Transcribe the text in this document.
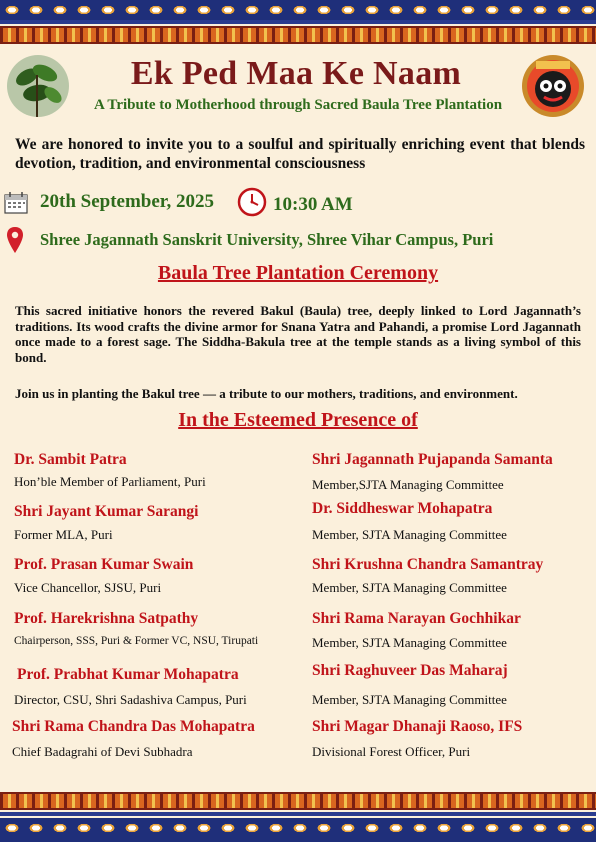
Ek Ped Maa Ke Naam
A Tribute to Motherhood through Sacred Baula Tree Plantation
We are honored to invite you to a soulful and spiritually enriching event that blends devotion, tradition, and environmental consciousness
20th September, 2025	10:30 AM
Shree Jagannath Sanskrit University, Shree Vihar Campus, Puri
Baula Tree Plantation Ceremony
This sacred initiative honors the revered Bakul (Baula) tree, deeply linked to Lord Jagannath’s traditions. Its wood crafts the divine armor for Snana Yatra and Pahandi, a promise Lord Jagannath once made to a forest sage. The Siddha-Bakula tree at the temple stands as a living symbol of this bond.
Join us in planting the Bakul tree — a tribute to our mothers, traditions, and environment.
In the Esteemed Presence of
Dr. Sambit Patra
Hon’ble Member of Parliament, Puri
Shri Jayant Kumar Sarangi
Former MLA, Puri
Prof. Prasan Kumar Swain
Vice Chancellor, SJSU, Puri
Prof. Harekrishna Satpathy
Chairperson, SSS, Puri & Former VC, NSU, Tirupati
Prof. Prabhat Kumar Mohapatra
Director, CSU, Shri Sadashiva Campus, Puri
Shri Rama Chandra Das Mohapatra
Chief Badagrahi of Devi Subhadra
Shri Jagannath Pujapanda Samanta
Member,SJTA Managing Committee
Dr. Siddheswar Mohapatra
Member, SJTA Managing Committee
Shri Krushna Chandra Samantray
Member, SJTA Managing Committee
Shri Rama Narayan Gochhikar
Member, SJTA Managing Committee
Shri Raghuveer Das Maharaj
Member, SJTA Managing Committee
Shri Magar Dhanaji Raoso, IFS
Divisional Forest Officer, Puri
